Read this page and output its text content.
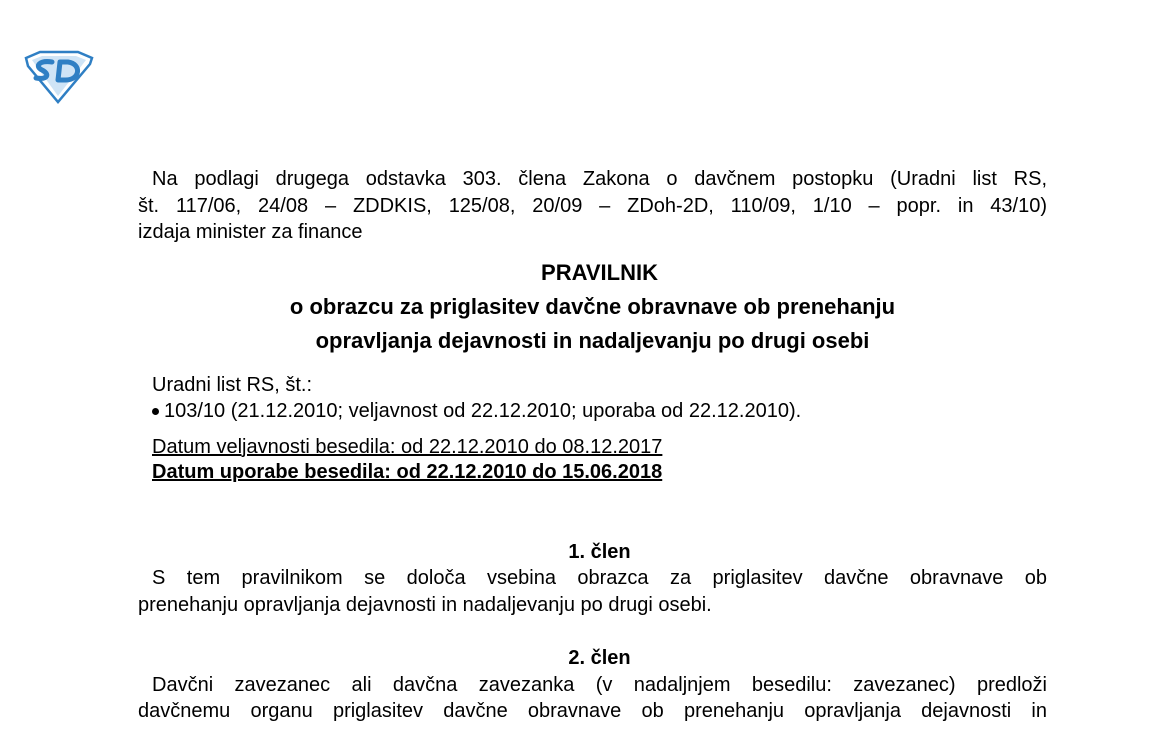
Na podlagi drugega odstavka 303. člena Zakona o davčnem postopku (Uradni list RS,

št. 117/06, 24/08 – ZDDKIS, 125/08, 20/09 – ZDoh-2D, 110/09, 1/10 – popr. in 43/10)

izdaja minister za finance

PRAVILNIK
o obrazcu za priglasitev davčne obravnave ob prenehanju
opravljanja dejavnosti in nadaljevanju po drugi osebi

Uradni list RS, št.:

103/10 (21.12.2010; veljavnost od 22.12.2010; uporaba od 22.12.2010).

Datum veljavnosti besedila: od 22.12.2010 do 08.12.2017

Datum uporabe besedila: od 22.12.2010 do 15.06.2018

1. člen

S tem pravilnikom se določa vsebina obrazca za priglasitev davčne obravnave ob

prenehanju opravljanja dejavnosti in nadaljevanju po drugi osebi.

2. člen

Davčni zavezanec ali davčna zavezanka (v nadaljnjem besedilu: zavezanec) predloži

davčnemu organu priglasitev davčne obravnave ob prenehanju opravljanja dejavnosti in
